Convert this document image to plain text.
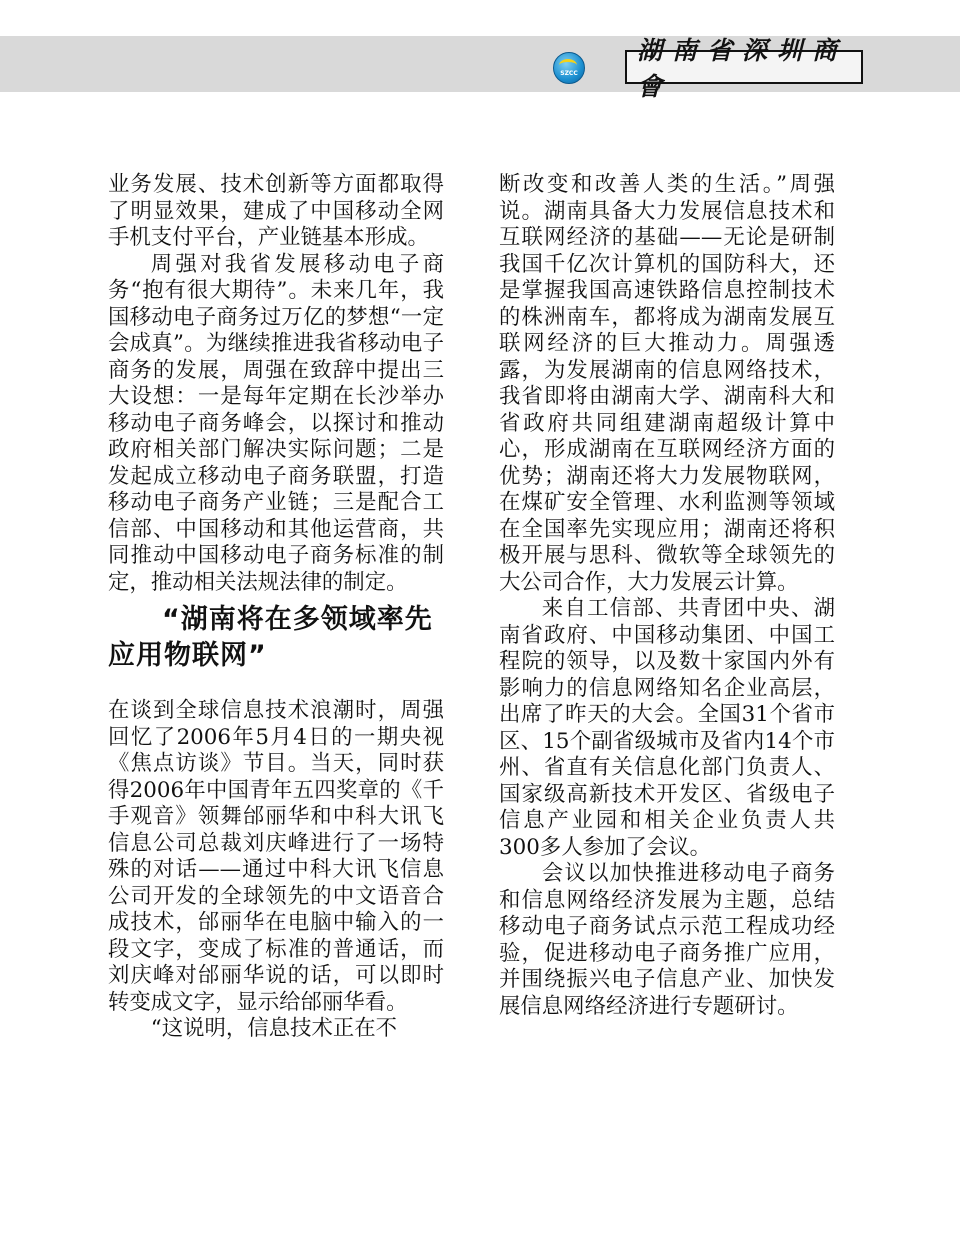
SZCC
湖南省深圳商會

业务发展、技术创新等方面都取得了明显效果，建成了中国移动全网手机支付平台，产业链基本形成。

周强对我省发展移动电子商务“抱有很大期待”。未来几年，我国移动电子商务过万亿的梦想“一定会成真”。为继续推进我省移动电子商务的发展，周强在致辞中提出三大设想：一是每年定期在长沙举办移动电子商务峰会，以探讨和推动政府相关部门解决实际问题；二是发起成立移动电子商务联盟，打造移动电子商务产业链；三是配合工信部、中国移动和其他运营商，共同推动中国移动电子商务标准的制定，推动相关法规法律的制定。

“湖南将在多领域率先应用物联网”

在谈到全球信息技术浪潮时，周强回忆了2006年5月4日的一期央视《焦点访谈》节目。当天，同时获得2006年中国青年五四奖章的《千手观音》领舞邰丽华和中科大讯飞信息公司总裁刘庆峰进行了一场特殊的对话——通过中科大讯飞信息公司开发的全球领先的中文语音合成技术，邰丽华在电脑中输入的一段文字，变成了标准的普通话，而刘庆峰对邰丽华说的话，可以即时转变成文字，显示给邰丽华看。

“这说明，信息技术正在不

断改变和改善人类的生活。”周强说。湖南具备大力发展信息技术和互联网经济的基础——无论是研制我国千亿次计算机的国防科大，还是掌握我国高速铁路信息控制技术的株洲南车，都将成为湖南发展互联网经济的巨大推动力。周强透露，为发展湖南的信息网络技术，我省即将由湖南大学、湖南科大和省政府共同组建湖南超级计算中心，形成湖南在互联网经济方面的优势；湖南还将大力发展物联网，在煤矿安全管理、水利监测等领域在全国率先实现应用；湖南还将积极开展与思科、微软等全球领先的大公司合作，大力发展云计算。

来自工信部、共青团中央、湖南省政府、中国移动集团、中国工程院的领导，以及数十家国内外有影响力的信息网络知名企业高层，出席了昨天的大会。全国31个省市区、15个副省级城市及省内14个市州、省直有关信息化部门负责人、国家级高新技术开发区、省级电子信息产业园和相关企业负责人共300多人参加了会议。

会议以加快推进移动电子商务和信息网络经济发展为主题，总结移动电子商务试点示范工程成功经验，促进移动电子商务推广应用，并围绕振兴电子信息产业、加快发展信息网络经济进行专题研讨。
